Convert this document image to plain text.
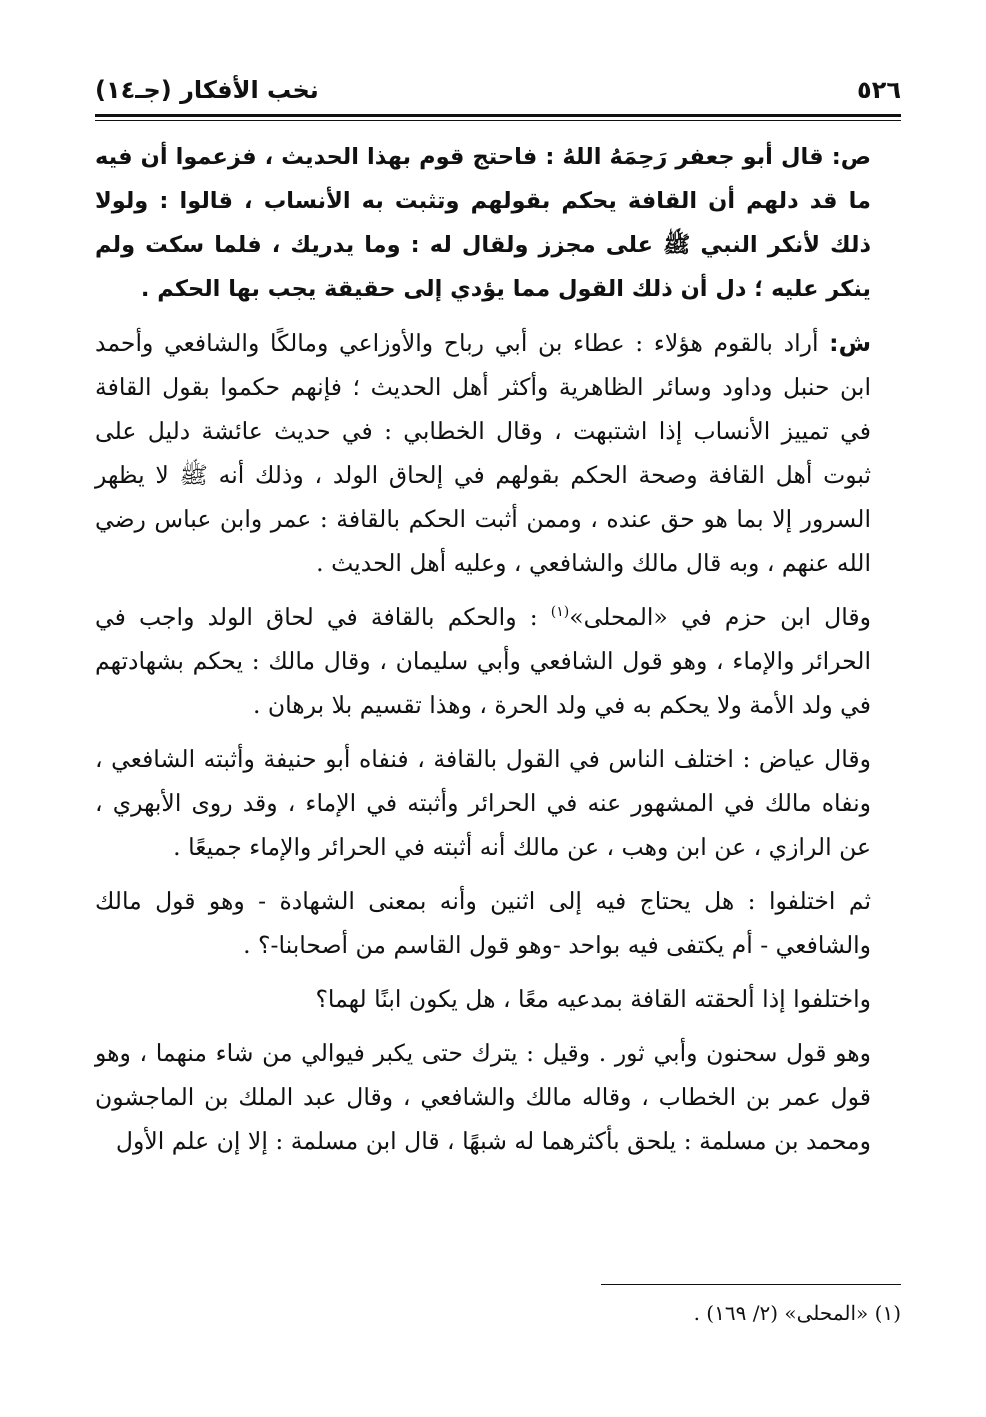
٥٢٦
نخب الأفكار (جـ١٤)

ص: قال أبو جعفر رَحِمَهُ اللهُ : فاحتج قوم بهذا الحديث ، فزعموا أن فيه ما قد دلهم أن القافة يحكم بقولهم وتثبت به الأنساب ، قالوا : ولولا ذلك لأنكر النبي ﷺ على مجزز ولقال له : وما يدريك ، فلما سكت ولم ينكر عليه ؛ دل أن ذلك القول مما يؤدي إلى حقيقة يجب بها الحكم .

ش: أراد بالقوم هؤلاء : عطاء بن أبي رباح والأوزاعي ومالكًا والشافعي وأحمد ابن حنبل وداود وسائر الظاهرية وأكثر أهل الحديث ؛ فإنهم حكموا بقول القافة في تمييز الأنساب إذا اشتبهت ، وقال الخطابي : في حديث عائشة دليل على ثبوت أهل القافة وصحة الحكم بقولهم في إلحاق الولد ، وذلك أنه ﷺ لا يظهر السرور إلا بما هو حق عنده ، وممن أثبت الحكم بالقافة : عمر وابن عباس رضي الله عنهم ، وبه قال مالك والشافعي ، وعليه أهل الحديث .

وقال ابن حزم في «المحلى»$^{(١)}$ : والحكم بالقافة في لحاق الولد واجب في الحرائر والإماء ، وهو قول الشافعي وأبي سليمان ، وقال مالك : يحكم بشهادتهم في ولد الأمة ولا يحكم به في ولد الحرة ، وهذا تقسيم بلا برهان .

وقال عياض : اختلف الناس في القول بالقافة ، فنفاه أبو حنيفة وأثبته الشافعي ، ونفاه مالك في المشهور عنه في الحرائر وأثبته في الإماء ، وقد روى الأبهري ، عن الرازي ، عن ابن وهب ، عن مالك أنه أثبته في الحرائر والإماء جميعًا .

ثم اختلفوا : هل يحتاج فيه إلى اثنين وأنه بمعنى الشهادة - وهو قول مالك والشافعي - أم يكتفى فيه بواحد -وهو قول القاسم من أصحابنا-؟ .

واختلفوا إذا ألحقته القافة بمدعيه معًا ، هل يكون ابنًا لهما؟

وهو قول سحنون وأبي ثور . وقيل : يترك حتى يكبر فيوالي من شاء منهما ، وهو قول عمر بن الخطاب ، وقاله مالك والشافعي ، وقال عبد الملك بن الماجشون ومحمد بن مسلمة : يلحق بأكثرهما له شبهًا ، قال ابن مسلمة : إلا إن علم الأول

(١) «المحلى» (٢/ ١٦٩) .
